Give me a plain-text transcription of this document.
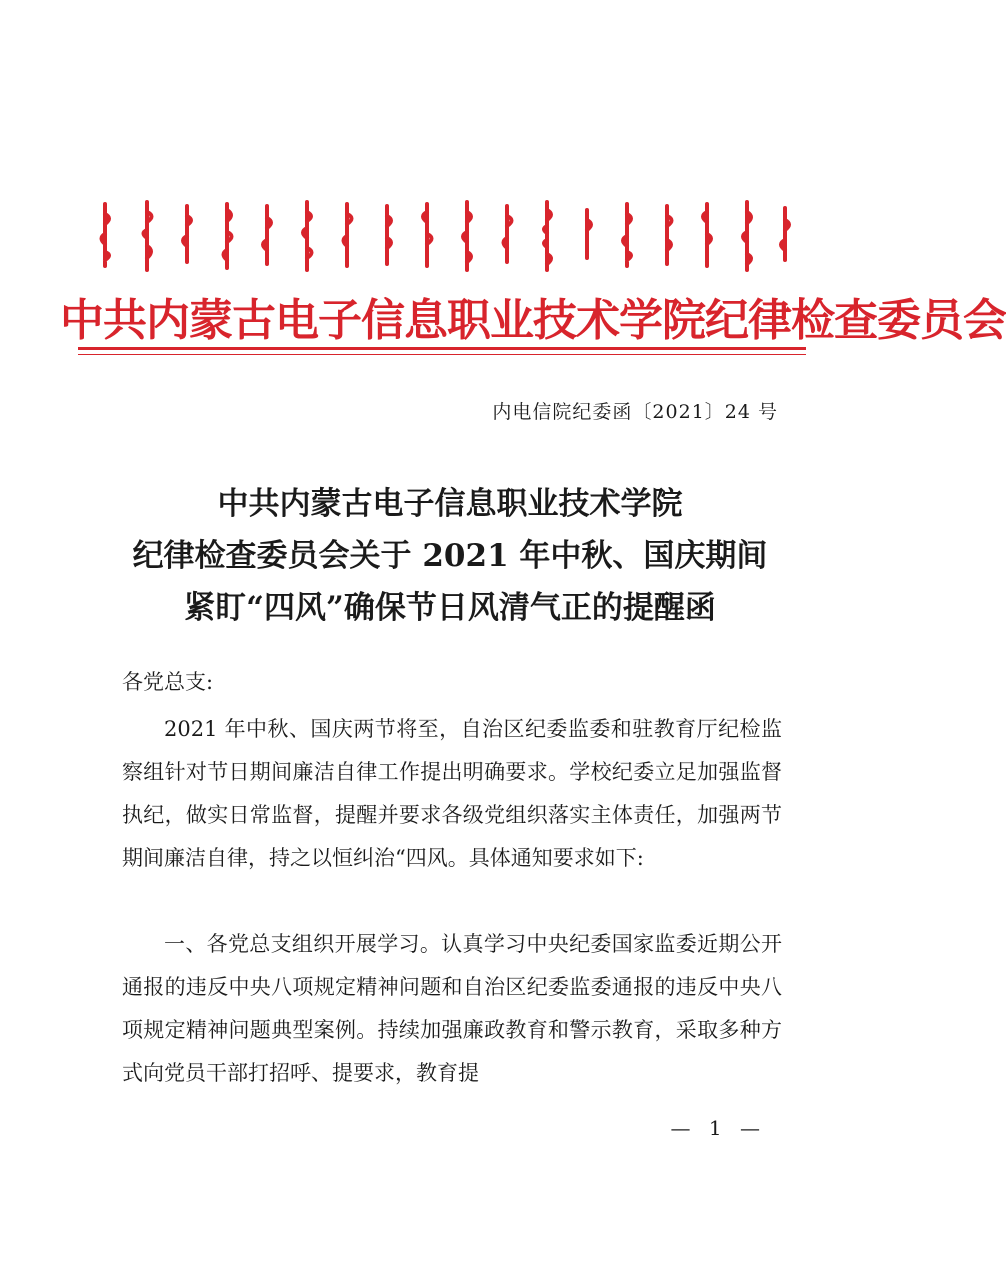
中共内蒙古电子信息职业技术学院纪律检查委员会
内电信院纪委函〔2021〕24 号
中共内蒙古电子信息职业技术学院
纪律检查委员会关于 2021 年中秋、国庆期间
紧盯“四风”确保节日风清气正的提醒函
各党总支:
2021 年中秋、国庆两节将至，自治区纪委监委和驻教育厅纪检监察组针对节日期间廉洁自律工作提出明确要求。学校纪委立足加强监督执纪，做实日常监督，提醒并要求各级党组织落实主体责任，加强两节期间廉洁自律，持之以恒纠治“四风。具体通知要求如下:
一、各党总支组织开展学习。认真学习中央纪委国家监委近期公开通报的违反中央八项规定精神问题和自治区纪委监委通报的违反中央八项规定精神问题典型案例。持续加强廉政教育和警示教育，采取多种方式向党员干部打招呼、提要求，教育提
— 1 —
